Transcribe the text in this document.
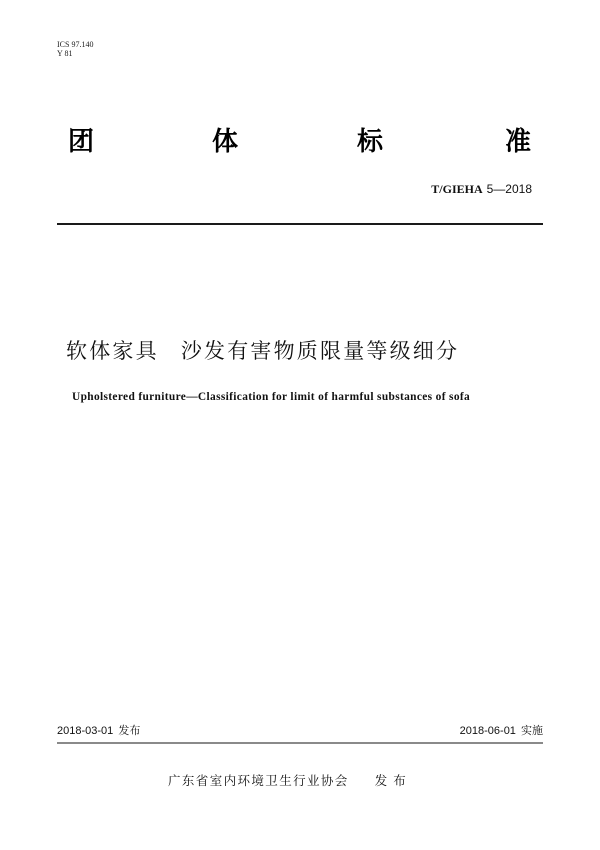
ICS 97.140
Y 81
团	体	标	准
T/GIEHA 5—2018
软体家具 沙发有害物质限量等级细分
Upholstered furniture—Classification for limit of harmful substances of sofa
2018-03-01 发布	2018-06-01 实施
广东省室内环境卫生行业协会 发布
